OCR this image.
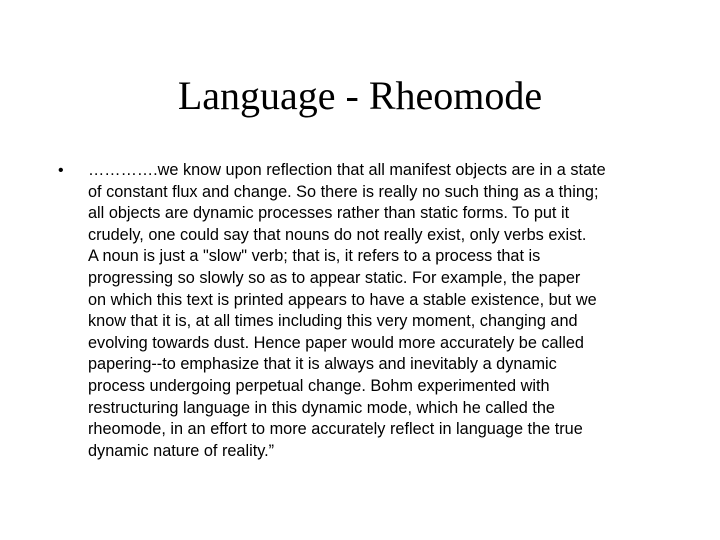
Language - Rheomode
• ………….we know upon reflection that all manifest objects are in a state
of constant flux and change. So there is really no such thing as a thing;
all objects are dynamic processes rather than static forms. To put it
crudely, one could say that nouns do not really exist, only verbs exist.
A noun is just a "slow" verb; that is, it refers to a process that is
progressing so slowly so as to appear static. For example, the paper
on which this text is printed appears to have a stable existence, but we
know that it is, at all times including this very moment, changing and
evolving towards dust. Hence paper would more accurately be called
papering--to emphasize that it is always and inevitably a dynamic
process undergoing perpetual change. Bohm experimented with
restructuring language in this dynamic mode, which he called the
rheomode, in an effort to more accurately reflect in language the true
dynamic nature of reality.”
